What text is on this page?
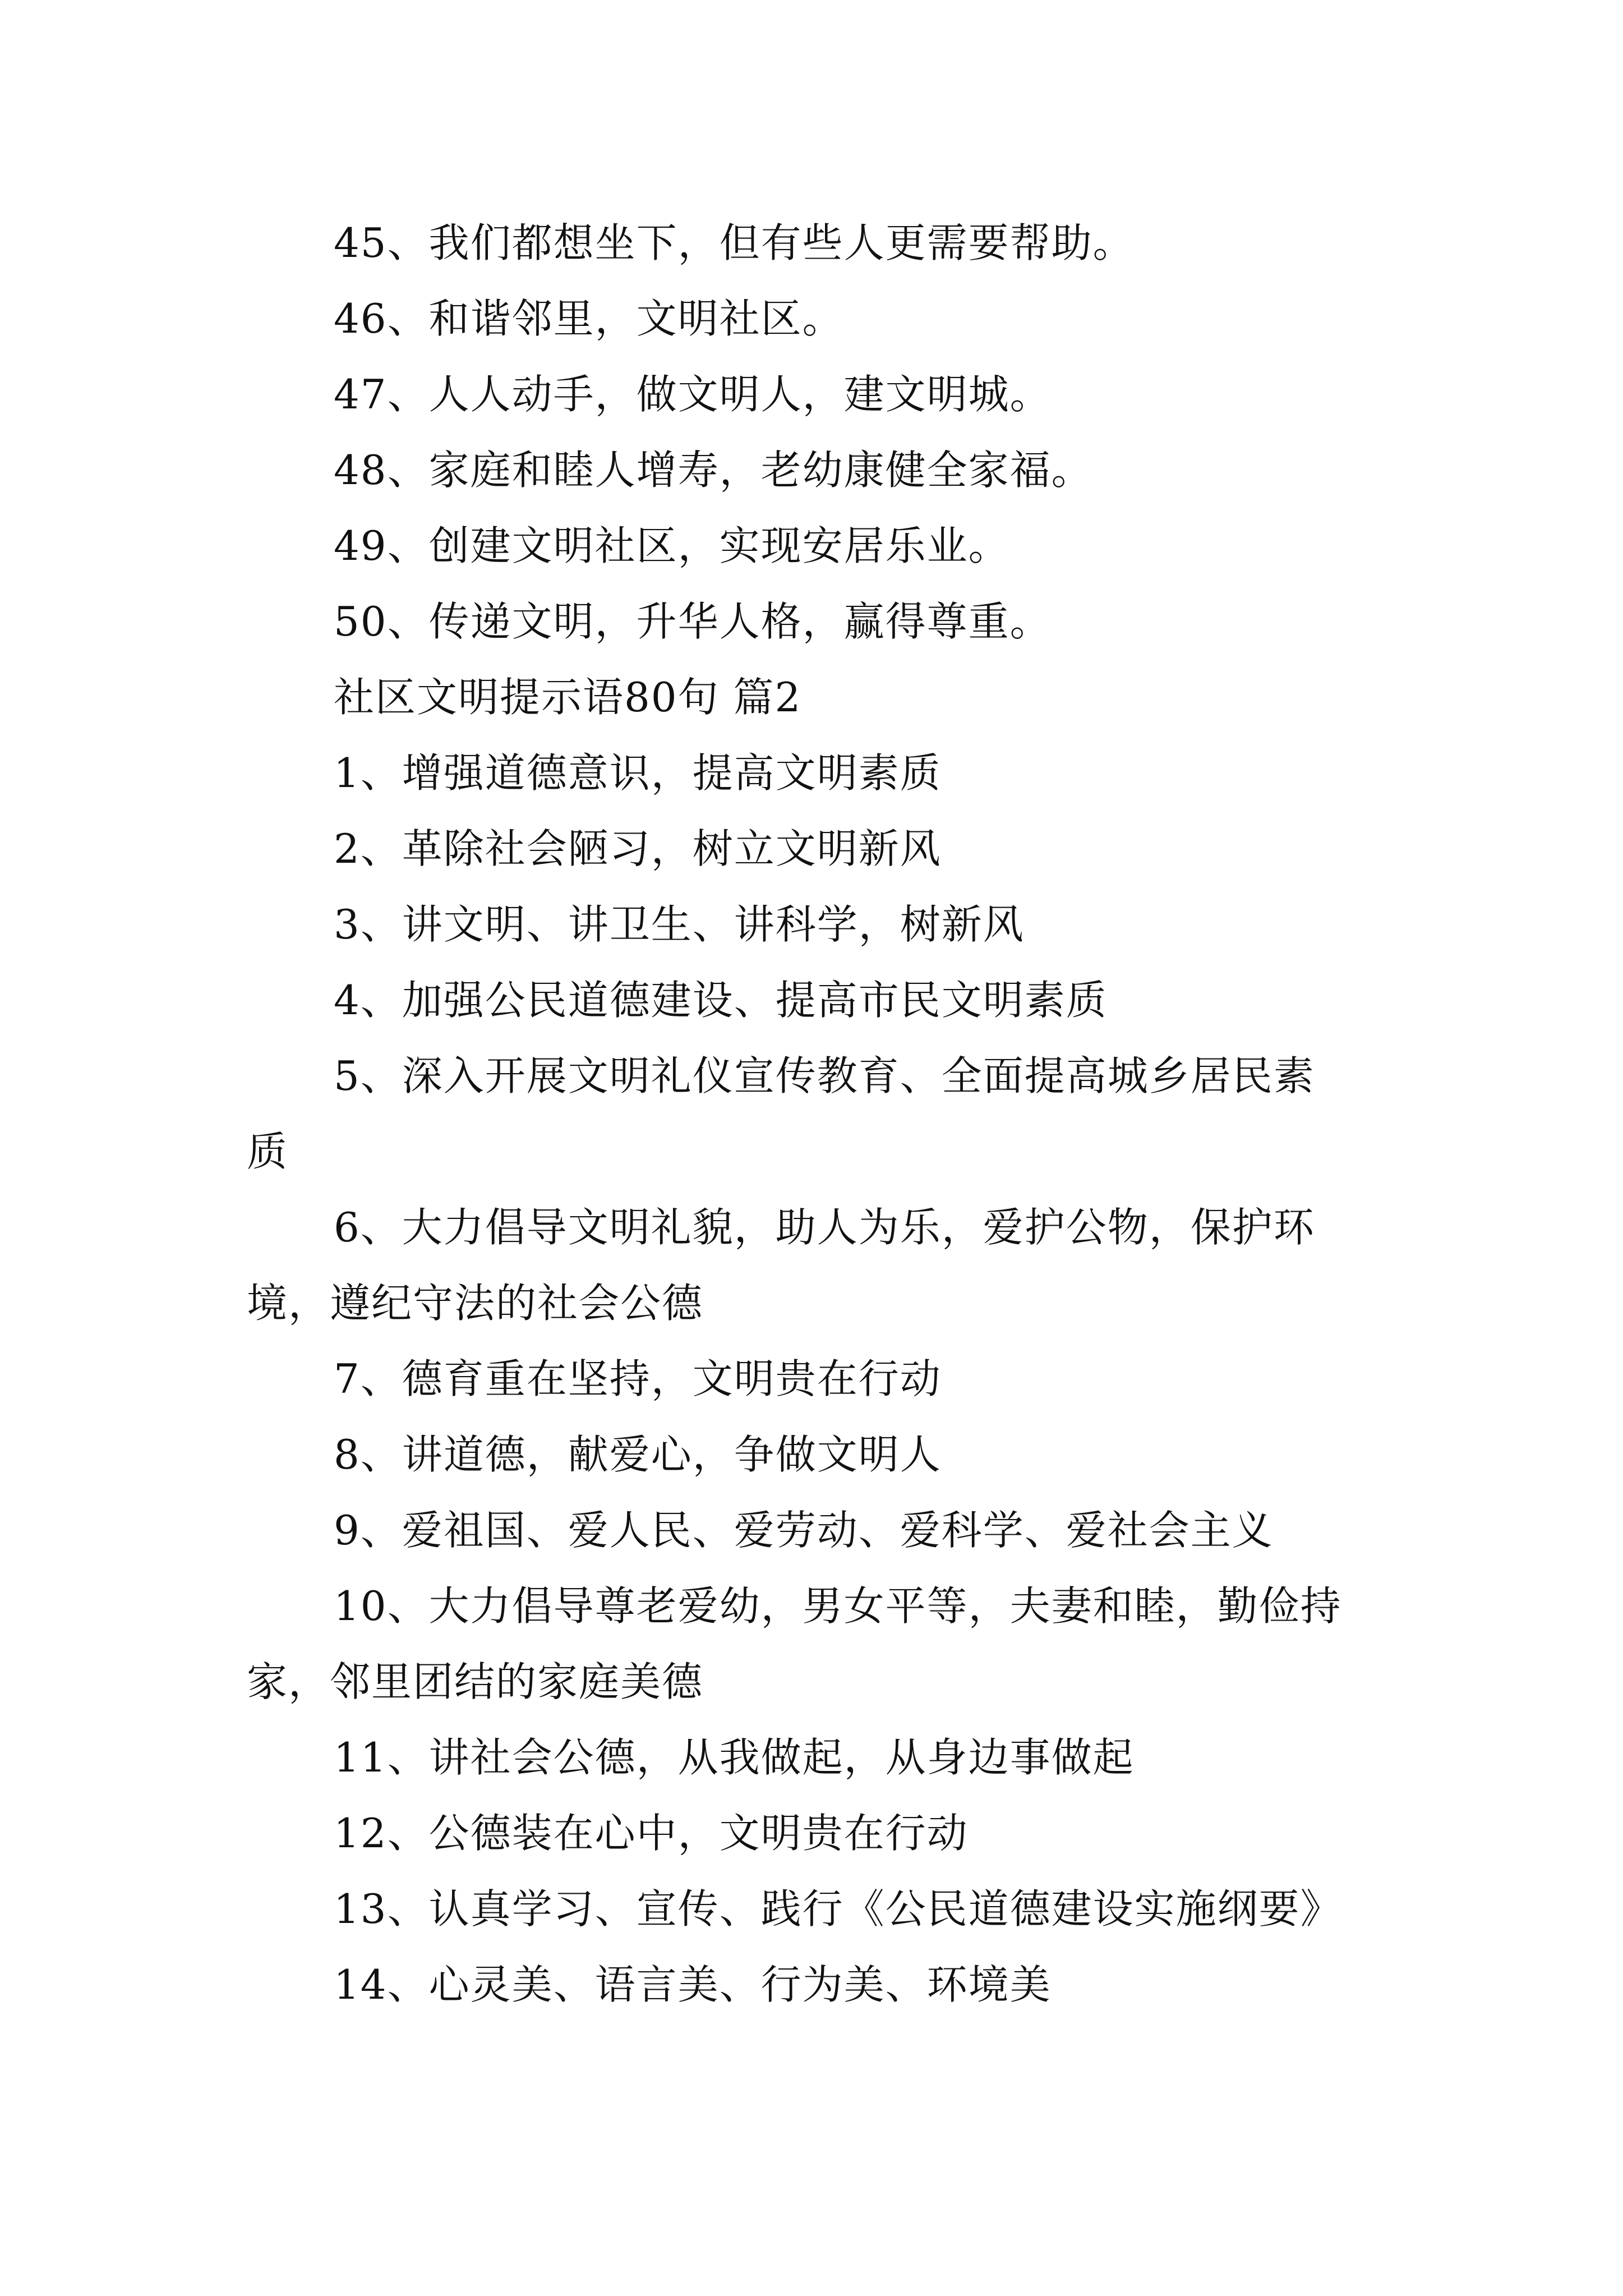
45、我们都想坐下，但有些人更需要帮助。
46、和谐邻里，文明社区。
47、人人动手，做文明人，建文明城。
48、家庭和睦人增寿，老幼康健全家福。
49、创建文明社区，实现安居乐业。
50、传递文明，升华人格，赢得尊重。
社区文明提示语80句 篇2
1、增强道德意识，提高文明素质
2、革除社会陋习，树立文明新风
3、讲文明、讲卫生、讲科学，树新风
4、加强公民道德建设、提高市民文明素质
5、深入开展文明礼仪宣传教育、全面提高城乡居民素
质
6、大力倡导文明礼貌，助人为乐，爱护公物，保护环
境，遵纪守法的社会公德
7、德育重在坚持，文明贵在行动
8、讲道德，献爱心，争做文明人
9、爱祖国、爱人民、爱劳动、爱科学、爱社会主义
10、大力倡导尊老爱幼，男女平等，夫妻和睦，勤俭持
家，邻里团结的家庭美德
11、讲社会公德，从我做起，从身边事做起
12、公德装在心中，文明贵在行动
13、认真学习、宣传、践行《公民道德建设实施纲要》
14、心灵美、语言美、行为美、环境美
